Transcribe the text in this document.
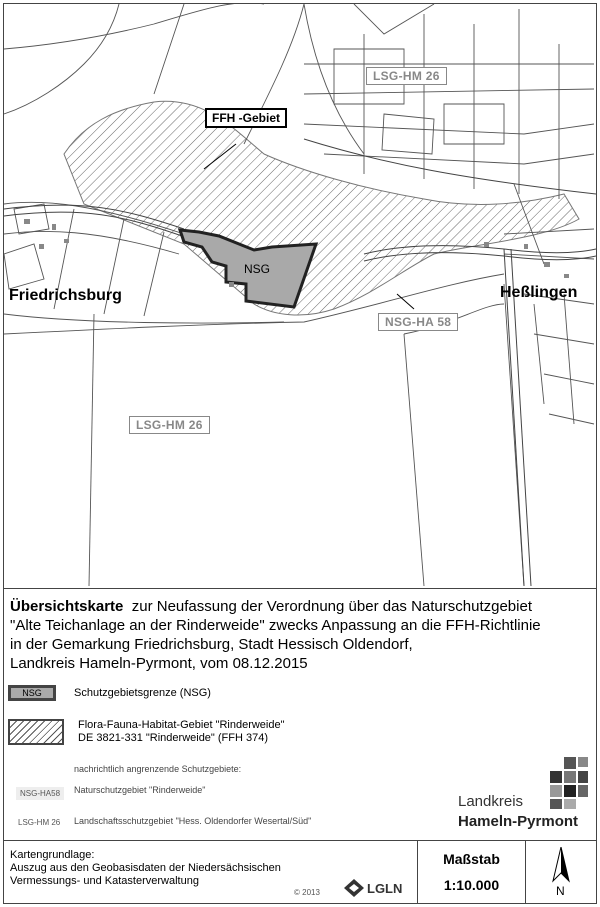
LSG-HM 26
FFH -Gebiet
NSG
Friedrichsburg	Heßlingen
NSG-HA 58
LSG-HM 26
Übersichtskarte zur Neufassung der Verordnung über das Naturschutzgebiet
"Alte Teichanlage an der Rinderweide" zwecks Anpassung an die FFH-Richtlinie
in der Gemarkung Friedrichsburg, Stadt Hessisch Oldendorf,
Landkreis Hameln-Pyrmont, vom 08.12.2015
NSG	Schutzgebietsgrenze (NSG)
Flora-Fauna-Habitat-Gebiet "Rinderweide"
DE 3821-331 "Rinderweide" (FFH 374)
nachrichtlich angrenzende Schutzgebiete:
NSG-HA58	Naturschutzgebiet "Rinderweide"
LSG-HM 26 Landschaftsschutzgebiet "Hess. Oldendorfer Wesertal/Süd"
Landkreis
Hameln-Pyrmont
Kartengrundlage:
Auszug aus den Geobasisdaten der Niedersächsischen
Vermessungs- und Katasterverwaltung
© 2013	LGLN
Maßstab
1:10.000	N
